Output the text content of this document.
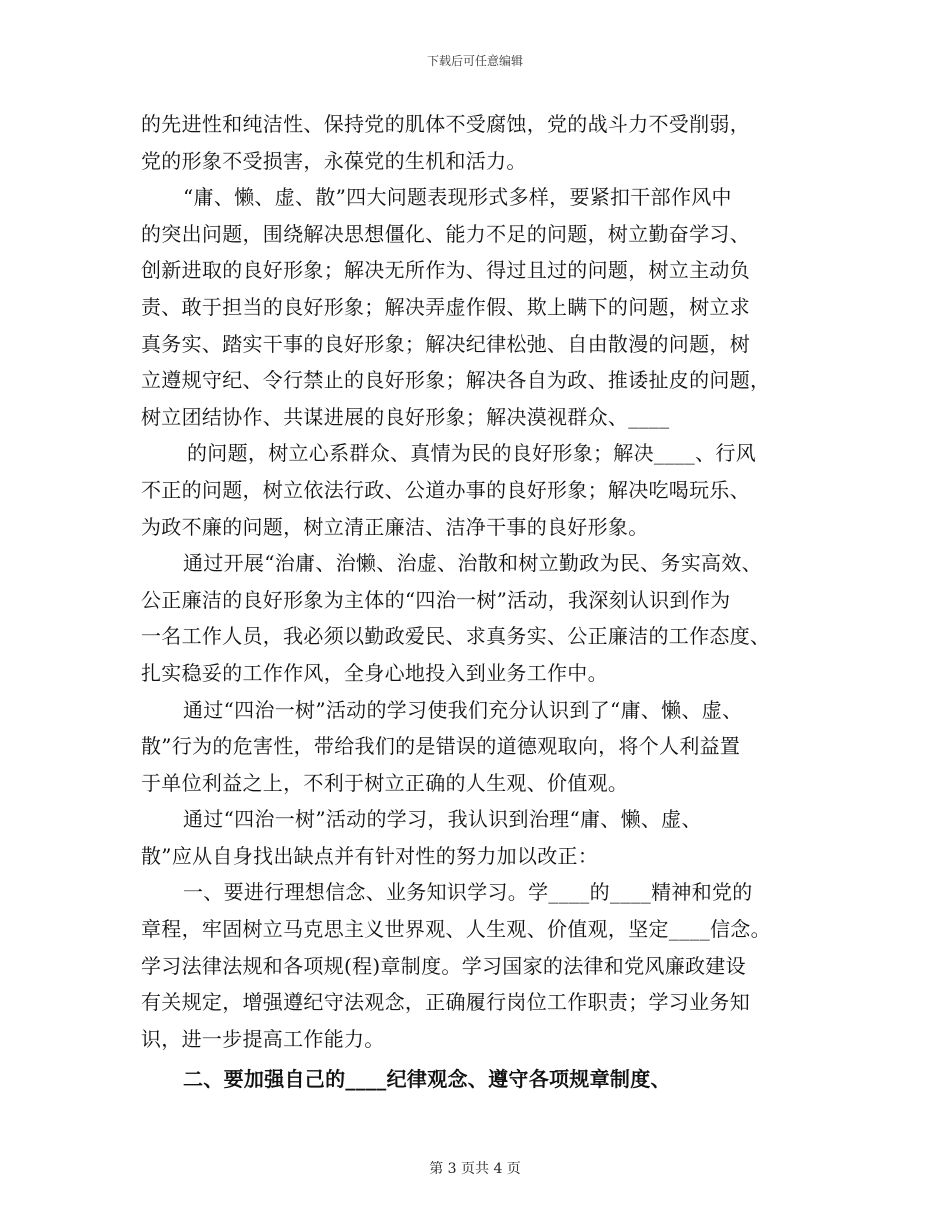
下载后可任意编辑

的先进性和纯洁性、保持党的肌体不受腐蚀，党的战斗力不受削弱，
党的形象不受损害，永葆党的生机和活力。

“庸、懒、虚、散”四大问题表现形式多样，要紧扣干部作风中
的突出问题，围绕解决思想僵化、能力不足的问题，树立勤奋学习、
创新进取的良好形象；解决无所作为、得过且过的问题，树立主动负
责、敢于担当的良好形象；解决弄虚作假、欺上瞒下的问题，树立求
真务实、踏实干事的良好形象；解决纪律松弛、自由散漫的问题，树
立遵规守纪、令行禁止的良好形象；解决各自为政、推诿扯皮的问题，
树立团结协作、共谋进展的良好形象；解决漠视群众、____

的问题，树立心系群众、真情为民的良好形象；解决____、行风
不正的问题，树立依法行政、公道办事的良好形象；解决吃喝玩乐、
为政不廉的问题，树立清正廉洁、洁净干事的良好形象。

通过开展“治庸、治懒、治虚、治散和树立勤政为民、务实高效、
公正廉洁的良好形象为主体的“四治一树”活动，我深刻认识到作为
一名工作人员，我必须以勤政爱民、求真务实、公正廉洁的工作态度、
扎实稳妥的工作作风，全身心地投入到业务工作中。

通过“四治一树”活动的学习使我们充分认识到了“庸、懒、虚、
散”行为的危害性，带给我们的是错误的道德观取向，将个人利益置
于单位利益之上，不利于树立正确的人生观、价值观。

通过“四治一树”活动的学习，我认识到治理“庸、懒、虚、
散”应从自身找出缺点并有针对性的努力加以改正：

一、要进行理想信念、业务知识学习。学____的____精神和党的
章程，牢固树立马克思主义世界观、人生观、价值观，坚定____信念。
学习法律法规和各项规(程)章制度。学习国家的法律和党风廉政建设
有关规定，增强遵纪守法观念，正确履行岗位工作职责；学习业务知
识，进一步提高工作能力。

二、要加强自己的____纪律观念、遵守各项规章制度、

第 3 页共 4 页
